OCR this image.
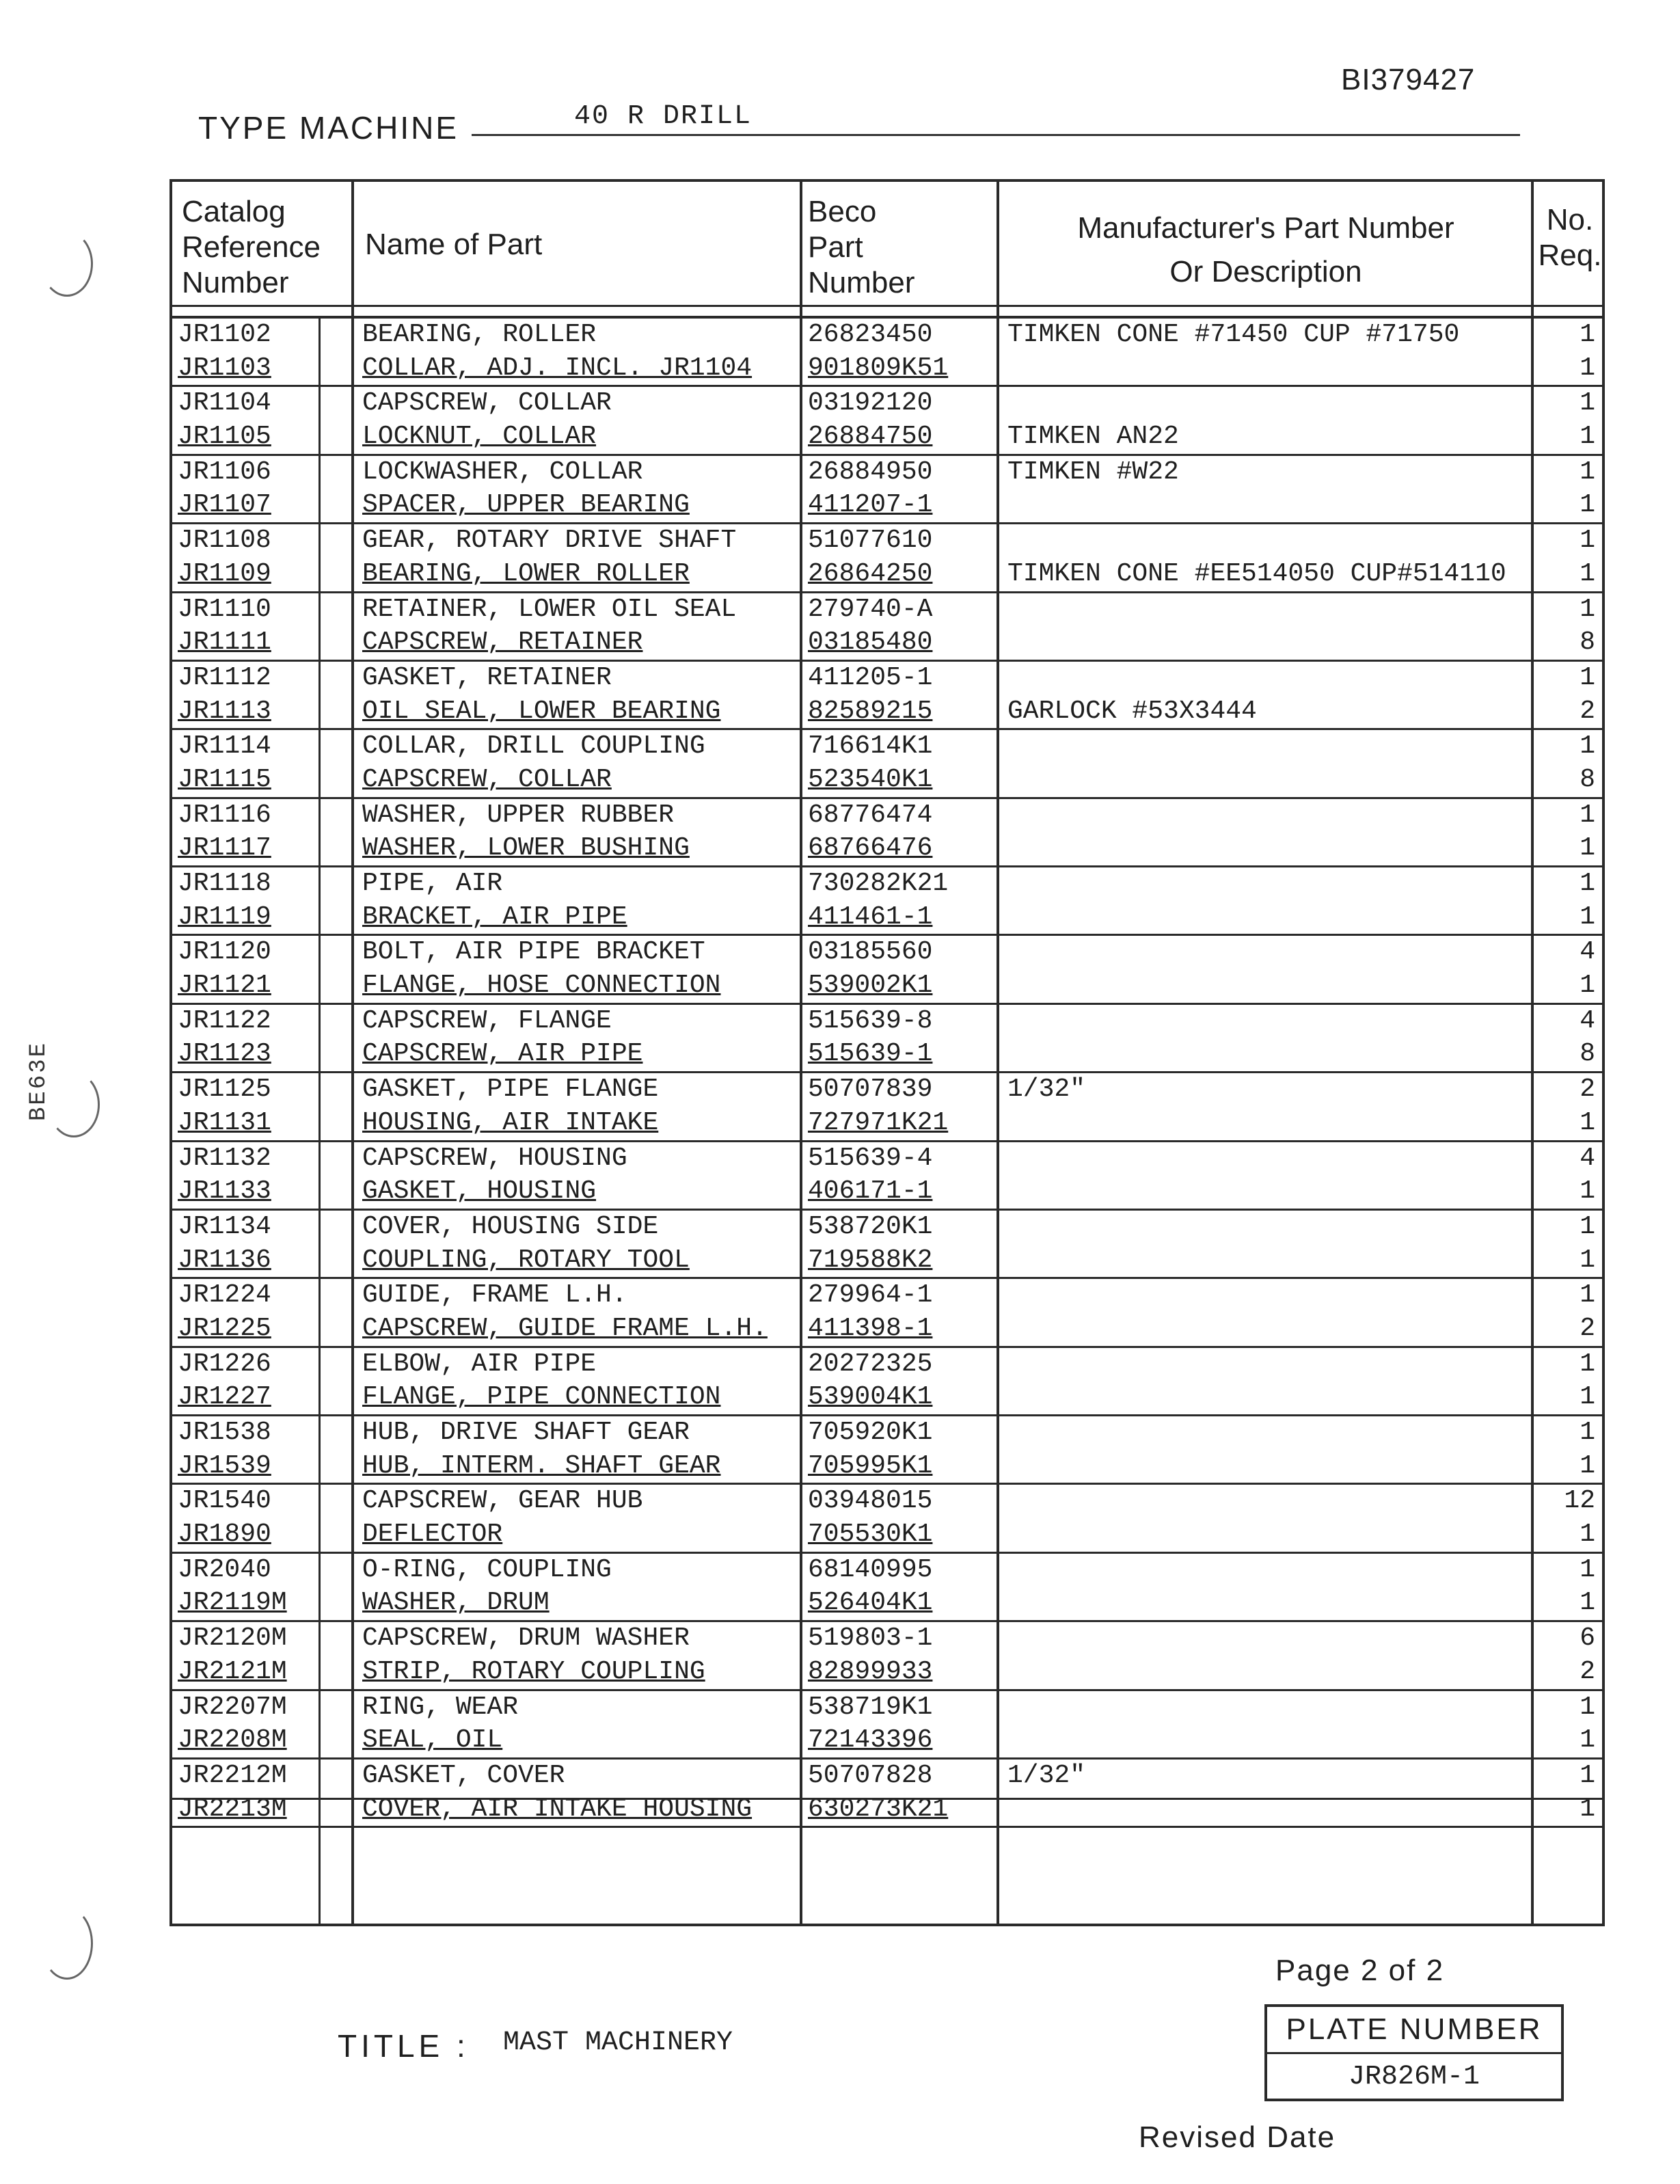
BI379427
TYPE MACHINE	40 R DRILL
BE63E
Catalog
Reference
Number
Name of Part
Beco
Part
Number
Manufacturer's Part Number
Or Description
No.
Req.
JR1102	BEARING, ROLLER	26823450	TIMKEN CONE #71450 CUP #71750	1
JR1103	COLLAR, ADJ. INCL. JR1104 901809K51	1
JR1104	CAPSCREW, COLLAR	03192120	1
JR1105	LOCKNUT, COLLAR	26884750	TIMKEN AN22	1
JR1106	LOCKWASHER, COLLAR	26884950	TIMKEN #W22	1
JR1107	SPACER, UPPER BEARING	411207-1	1
JR1108	GEAR, ROTARY DRIVE SHAFT	51077610	1
JR1109	BEARING, LOWER ROLLER	26864250	TIMKEN CONE #EE514050 CUP#514110	1
JR1110	RETAINER, LOWER OIL SEAL	279740-A	1
JR1111	CAPSCREW, RETAINER	03185480	8
JR1112	GASKET, RETAINER	411205-1	1
JR1113	OIL SEAL, LOWER BEARING	82589215	GARLOCK #53X3444	2
JR1114	COLLAR, DRILL COUPLING	716614K1	1
JR1115	CAPSCREW, COLLAR	523540K1	8
JR1116	WASHER, UPPER RUBBER	68776474	1
JR1117	WASHER, LOWER BUSHING	68766476	1
JR1118	PIPE, AIR	730282K21	1
JR1119	BRACKET, AIR PIPE	411461-1	1
JR1120	BOLT, AIR PIPE BRACKET	03185560	4
JR1121	FLANGE, HOSE CONNECTION	539002K1	1
JR1122	CAPSCREW, FLANGE	515639-8	4
JR1123	CAPSCREW, AIR PIPE	515639-1	8
JR1125	GASKET, PIPE FLANGE	50707839	1/32"	2
JR1131	HOUSING, AIR INTAKE	727971K21	1
JR1132	CAPSCREW, HOUSING	515639-4	4
JR1133	GASKET, HOUSING	406171-1	1
JR1134	COVER, HOUSING SIDE	538720K1	1
JR1136	COUPLING, ROTARY TOOL	719588K2	1
JR1224	GUIDE, FRAME L.H.	279964-1	1
JR1225	CAPSCREW, GUIDE FRAME L.H. 411398-1	2
JR1226	ELBOW, AIR PIPE	20272325	1
JR1227	FLANGE, PIPE CONNECTION	539004K1	1
JR1538	HUB, DRIVE SHAFT GEAR	705920K1	1
JR1539	HUB, INTERM. SHAFT GEAR	705995K1	1
JR1540	CAPSCREW, GEAR HUB	03948015	12
JR1890	DEFLECTOR	705530K1	1
JR2040	O-RING, COUPLING	68140995	1
JR2119M	WASHER, DRUM	526404K1	1
JR2120M	CAPSCREW, DRUM WASHER	519803-1	6
JR2121M	STRIP, ROTARY COUPLING	82899933	2
JR2207M	RING, WEAR	538719K1	1
JR2208M	SEAL, OIL	72143396	1
JR2212M	GASKET, COVER	50707828	1/32"	1
JR2213M	COVER, AIR INTAKE HOUSING 630273K21	1
Page 2 of 2
PLATE NUMBER
JR826M-1
TITLE : MAST MACHINERY
Revised Date
